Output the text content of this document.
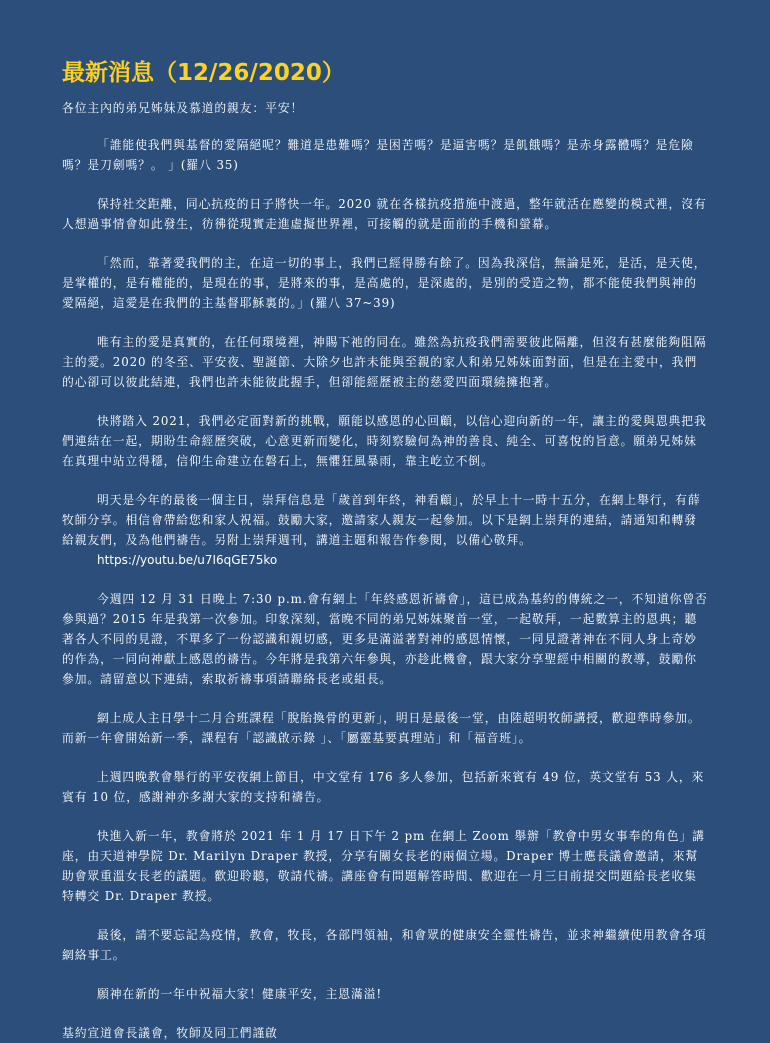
最新消息（12/26/2020）
各位主內的弟兄姊妹及慕道的親友：平安！
「誰能使我們與基督的愛隔絕呢？難道是患難嗎？是困苦嗎？是逼害嗎？是飢餓嗎？是赤身露體嗎？是危險嗎？是刀劍嗎？。 」(羅八 35)
保持社交距離，同心抗疫的日子將快一年。2020 就在各樣抗疫措施中渡過，整年就活在應變的模式裡，沒有人想過事情會如此發生，彷彿從現實走進虛擬世界裡，可接觸的就是面前的手機和螢幕。
「然而，靠著愛我們的主，在這一切的事上，我們已經得勝有餘了。因為我深信，無論是死，是活，是天使，是掌權的，是有權能的，是現在的事，是將來的事，是高處的，是深處的，是別的受造之物，都不能使我們與神的愛隔絕，這愛是在我們的主基督耶穌裏的。」(羅八 37~39)
唯有主的愛是真實的，在任何環境裡，神賜下祂的同在。雖然為抗疫我們需要彼此隔離，但沒有甚麼能夠阻隔主的愛。2020 的冬至、平安夜、聖誕節、大除夕也許未能與至親的家人和弟兄姊妹面對面，但是在主愛中，我們的心卻可以彼此結連，我們也許未能彼此握手，但卻能經歷被主的慈愛四面環繞擁抱著。
快將踏入 2021，我們必定面對新的挑戰，願能以感恩的心回顧，以信心迎向新的一年，讓主的愛與恩典把我們連結在一起，期盼生命經歷突破，心意更新而變化，時刻察驗何為神的善良、純全、可喜悅的旨意。願弟兄姊妹在真理中站立得穩，信仰生命建立在磐石上，無懼狂風暴雨，靠主屹立不倒。
明天是今年的最後一個主日，崇拜信息是「歲首到年終，神看顧」，於早上十一時十五分，在網上舉行，有薛牧師分享。相信會帶給您和家人祝福。鼓勵大家，邀請家人親友一起參加。以下是網上崇拜的連結，請通知和轉發給親友們，及為他們禱告。另附上崇拜週刊，講道主題和報告作參閱，以備心敬拜。
https://youtu.be/u7I6qGE75ko
今週四 12 月 31 日晚上 7:30 p.m.會有網上「年終感恩祈禱會」，這已成為基約的傳統之一，不知道你曾否參與過？2015 年是我第一次參加。印象深刻，當晚不同的弟兄姊妹聚首一堂，一起敬拜，一起數算主的恩典；聽著各人不同的見證，不單多了一份認識和親切感，更多是滿溢著對神的感恩情懷，一同見證著神在不同人身上奇妙的作為，一同向神獻上感恩的禱告。今年將是我第六年參與，亦趁此機會，跟大家分享聖經中相關的教導，鼓勵你參加。請留意以下連結，索取祈禱事項請聯絡長老或組長。
網上成人主日學十二月合班課程「脫胎換骨的更新」，明日是最後一堂，由陸超明牧師講授，歡迎準時參加。而新一年會開始新一季，課程有「認識啟示錄 」、「屬靈基要真理站」和「福音班」。
上週四晚教會舉行的平安夜網上節目，中文堂有 176 多人參加，包括新來賓有 49 位，英文堂有 53 人，來賓有 10 位，感謝神亦多謝大家的支持和禱告。
快進入新一年，教會將於 2021 年 1 月 17 日下午 2 pm 在網上 Zoom 舉辦「教會中男女事奉的角色」講座，由天道神學院 Dr. Marilyn Draper 教授，分享有關女長老的兩個立場。Draper 博士應長議會邀請，來幫助會眾重溫女長老的議題。歡迎聆聽，敬請代禱。講座會有問題解答時間、歡迎在一月三日前提交問題給長老收集特轉交 Dr. Draper 教授。
最後，請不要忘記為疫情，教會，牧長，各部門領袖，和會眾的健康安全靈性禱告，並求神繼續使用教會各項網絡事工。
願神在新的一年中祝福大家！健康平安，主恩滿溢!
基約宣道會長議會，牧師及同工們謹啟
